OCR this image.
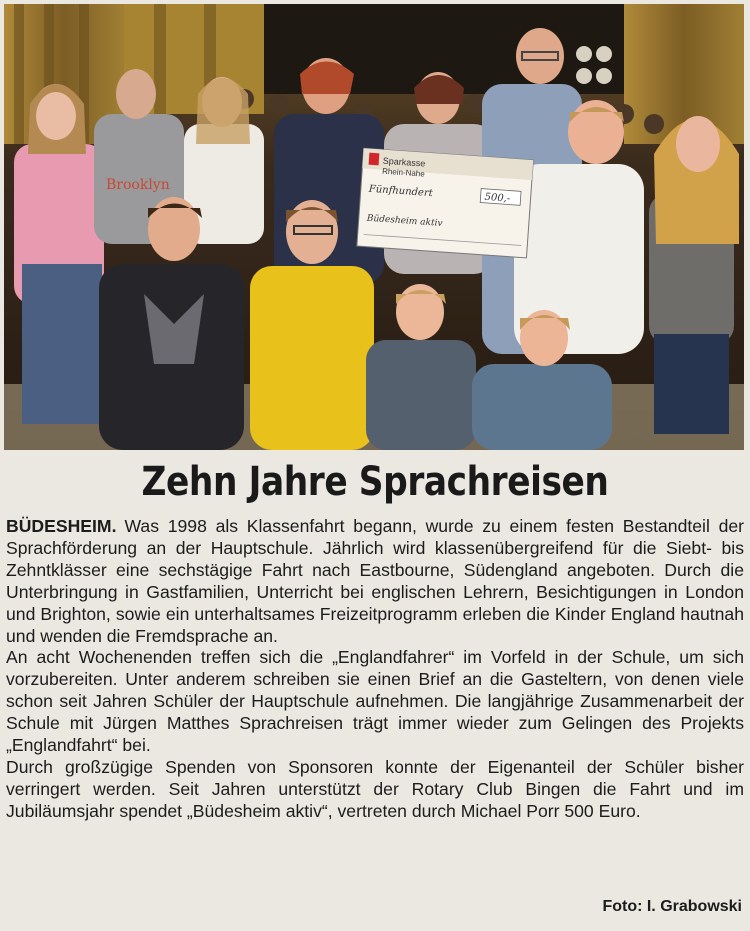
Brooklyn
Sparkasse
Rhein-Nahe
Fünfhundert	500,-
Büdesheim aktiv
Zehn Jahre Sprachreisen

BÜDESHEIM. Was 1998 als Klassenfahrt begann, wurde zu einem festen Bestandteil der Sprachförderung an der Hauptschule. Jährlich wird klassenübergreifend für die Siebt- bis Zehntklässer eine sechstägige Fahrt nach Eastbourne, Südengland angeboten. Durch die Unterbringung in Gastfamilien, Unterricht bei englischen Lehrern, Besichtigungen in London und Brighton, sowie ein unterhaltsames Freizeitprogramm erleben die Kinder England hautnah und wenden die Fremdsprache an.

An acht Wochenenden treffen sich die „Englandfahrer“ im Vorfeld in der Schule, um sich vorzubereiten. Unter anderem schreiben sie einen Brief an die Gasteltern, von denen viele schon seit Jahren Schüler der Hauptschule aufnehmen. Die langjährige Zusammenarbeit der Schule mit Jürgen Matthes Sprachreisen trägt immer wieder zum Gelingen des Projekts „Englandfahrt“ bei.

Durch großzügige Spenden von Sponsoren konnte der Eigenanteil der Schüler bisher verringert werden. Seit Jahren unterstützt der Rotary Club Bingen die Fahrt und im Jubiläumsjahr spendet „Büdesheim aktiv“, vertreten durch Michael Porr 500 Euro.

Foto: I. Grabowski
